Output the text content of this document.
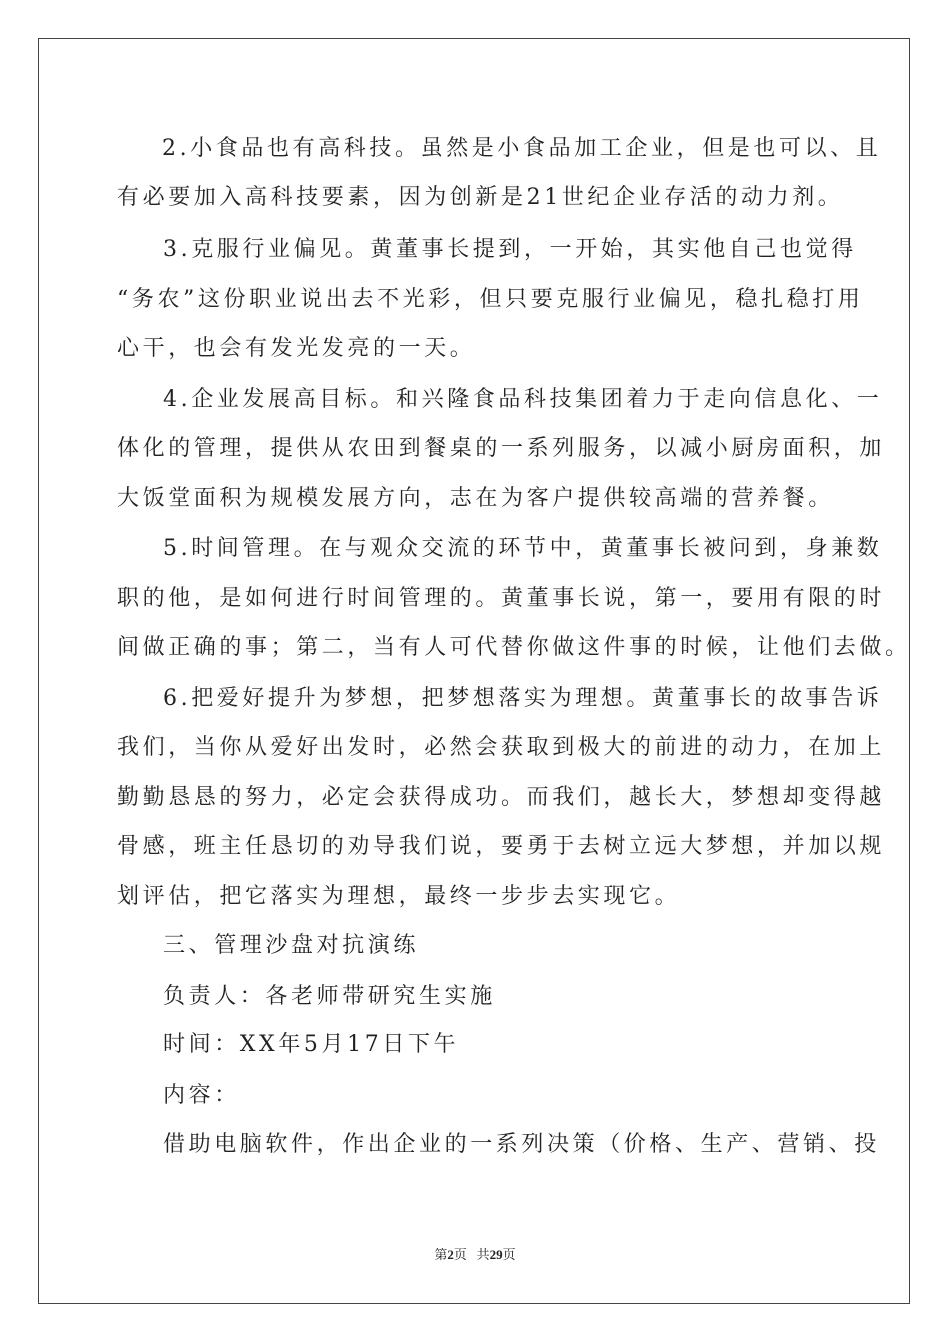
2.小食品也有高科技。虽然是小食品加工企业，但是也可以、且
有必要加入高科技要素，因为创新是21世纪企业存活的动力剂。
3.克服行业偏见。黄董事长提到，一开始，其实他自己也觉得
“务农”这份职业说出去不光彩，但只要克服行业偏见，稳扎稳打用
心干，也会有发光发亮的一天。
4.企业发展高目标。和兴隆食品科技集团着力于走向信息化、一
体化的管理，提供从农田到餐桌的一系列服务，以减小厨房面积，加
大饭堂面积为规模发展方向，志在为客户提供较高端的营养餐。
5.时间管理。在与观众交流的环节中，黄董事长被问到，身兼数
职的他，是如何进行时间管理的。黄董事长说，第一，要用有限的时
间做正确的事；第二，当有人可代替你做这件事的时候，让他们去做。
6.把爱好提升为梦想，把梦想落实为理想。黄董事长的故事告诉
我们，当你从爱好出发时，必然会获取到极大的前进的动力，在加上
勤勤恳恳的努力，必定会获得成功。而我们，越长大，梦想却变得越
骨感，班主任恳切的劝导我们说，要勇于去树立远大梦想，并加以规
划评估，把它落实为理想，最终一步步去实现它。
三、管理沙盘对抗演练
负责人：各老师带研究生实施
时间：XX年5月17日下午
内容：
借助电脑软件，作出企业的一系列决策（价格、生产、营销、投
第2页 共29页
